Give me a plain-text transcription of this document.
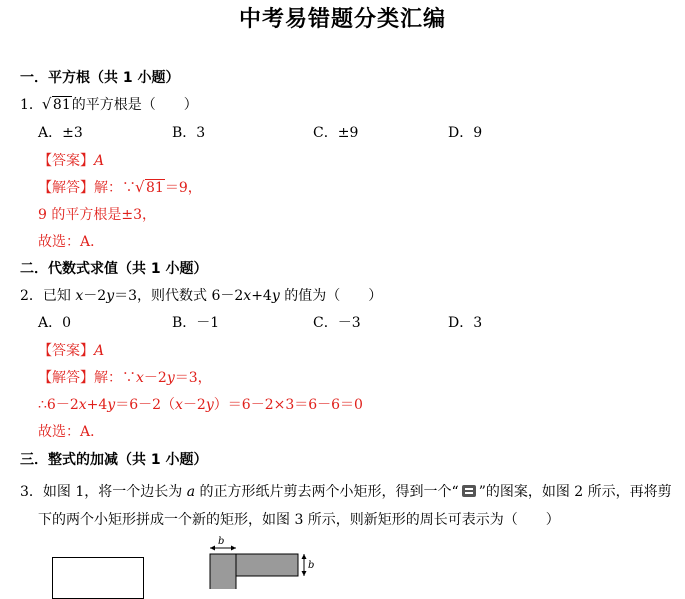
中考易错题分类汇编
一．平方根（共 1 小题）
1． √ 81的平方根是（　　）
A．±3	B．3	C．±9	D．9
【答案】A
【解答】解：∵ √ 81＝9，
9 的平方根是±3，
故选：A．
二．代数式求值（共 1 小题）
2．已知 x－2y＝3，则代数式 6－2x+4y 的值为（　　）
A．0	B．－1	C．－3	D．3
【答案】A
【解答】解：∵x－2y＝3，
∴6－2x+4y＝6－2（x－2y）＝6－2×3＝6－6＝0
故选：A．
三．整式的加减（共 1 小题）
3．如图 1，将一个边长为 a 的正方形纸片剪去两个小矩形，得到一个“ ”的图案，如图 2 所示，再将剪
下的两个小矩形拼成一个新的矩形，如图 3 所示，则新矩形的周长可表示为（　　）
b
b
